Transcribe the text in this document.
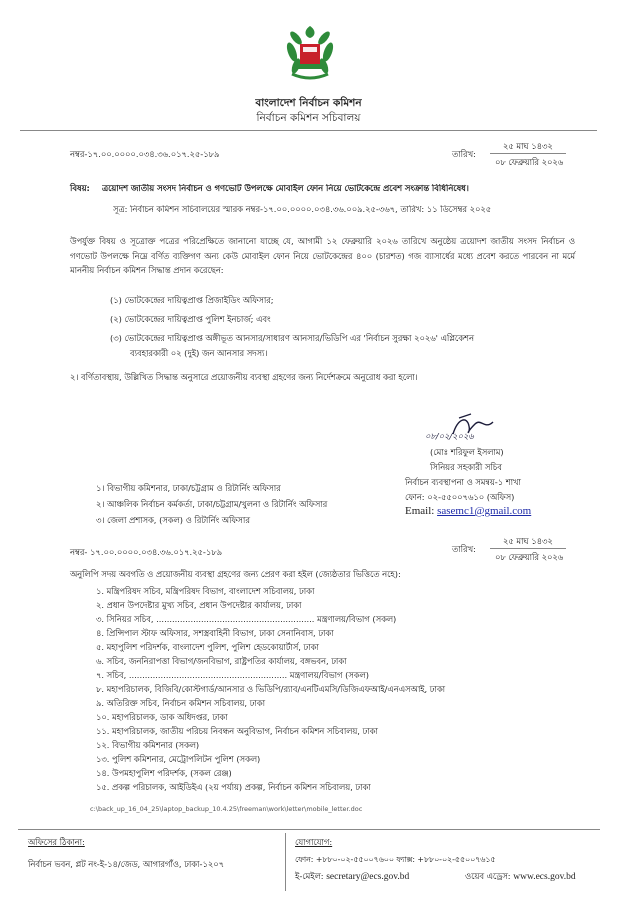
বাংলাদেশ নির্বাচন কমিশন
নির্বাচন কমিশন সচিবালয়
নম্বর-১৭.০০.০০০০.০৩৪.৩৬.০১৭.২৫-১৮৯	তারিখ:
২৫ মাঘ ১৪৩২
০৮ ফেব্রুয়ারি ২০২৬
বিষয়: ত্রয়োদশ জাতীয় সংসদ নির্বাচন ও গণভোট উপলক্ষে মোবাইল ফোন নিয়ে ভোটকেন্দ্রে প্রবেশ সংক্রান্ত বিধিনিষেধ।
সূত্র: নির্বাচন কমিশন সচিবালয়ের স্মারক নম্বর-১৭.০০.০০০০.০৩৪.৩৬.০০৯.২৫-৩৬৭, তারিখ: ১১ ডিসেম্বর ২০২৫
উপর্যুক্ত বিষয় ও সূত্রোক্ত পত্রের পরিপ্রেক্ষিতে জানানো যাচ্ছে যে, আগামী ১২ ফেব্রুয়ারি ২০২৬ তারিখে অনুষ্ঠেয় ত্রয়োদশ জাতীয় সংসদ নির্বাচন ও গণভোট উপলক্ষে নিম্নে বর্ণিত ব্যক্তিগণ অন্য কেউ মোবাইল ফোন নিয়ে ভোটকেন্দ্রের ৪০০ (চারশত) গজ ব্যাসার্ধের মধ্যে প্রবেশ করতে পারবেন না মর্মে মাননীয় নির্বাচন কমিশন সিদ্ধান্ত প্রদান করেছেন:
(১) ভোটকেন্দ্রের দায়িত্বপ্রাপ্ত প্রিজাইডিং অফিসার;
(২) ভোটকেন্দ্রের দায়িত্বপ্রাপ্ত পুলিশ ইনচার্জ; এবং
(৩) ভোটকেন্দ্রের দায়িত্বপ্রাপ্ত অঙ্গীভূত আনসার/সাধারণ আনসার/ভিডিপি এর 'নির্বাচন সুরক্ষা ২০২৬' এপ্লিকেশন
ব্যবহারকারী ০২ (দুই) জন আনসার সদস্য।
২। বর্ণিতাবস্থায়, উল্লিখিত সিদ্ধান্ত অনুসারে প্রয়োজনীয় ব্যবস্থা গ্রহণের জন্য নির্দেশক্রমে অনুরোধ করা হলো।
০৮/০২/২০২৬
(মোঃ শরিফুল ইসলাম)
সিনিয়র সহকারী সচিব
নির্বাচন ব্যবস্থাপনা ও সমন্বয়-১ শাখা
ফোন: ০২-৫৫০০৭৬১০ (অফিস)
Email: sasemc1@gmail.com
১। বিভাগীয় কমিশনার, ঢাকা/চট্টগ্রাম ও রিটার্নিং অফিসার
২। আঞ্চলিক নির্বাচন কর্মকর্তা, ঢাকা/চট্টগ্রাম/খুলনা ও রিটার্নিং অফিসার
৩। জেলা প্রশাসক, (সকল) ও রিটার্নিং অফিসার
নম্বর- ১৭.০০.০০০০.০৩৪.৩৬.০১৭.২৫-১৮৯	তারিখ:
২৫ মাঘ ১৪৩২
০৮ ফেব্রুয়ারি ২০২৬
অনুলিপি সদয় অবগতি ও প্রয়োজনীয় ব্যবস্থা গ্রহণের জন্য প্রেরণ করা হইল (জ্যেষ্ঠতার ভিত্তিতে নহে):
১. মন্ত্রিপরিষদ সচিব, মন্ত্রিপরিষদ বিভাগ, বাংলাদেশ সচিবালয়, ঢাকা
২. প্রধান উপদেষ্টার মুখ্য সচিব, প্রধান উপদেষ্টার কার্যালয়, ঢাকা
৩. সিনিয়র সচিব, ............................................................ মন্ত্রণালয়/বিভাগ (সকল)
৪. প্রিন্সিপাল স্টাফ অফিসার, সশস্ত্রবাহিনী বিভাগ, ঢাকা সেনানিবাস, ঢাকা
৫. মহাপুলিশ পরিদর্শক, বাংলাদেশ পুলিশ, পুলিশ হেডকোয়ার্টার্স, ঢাকা
৬. সচিব, জননিরাপত্তা বিভাগ/জনবিভাগ, রাষ্ট্রপতির কার্যালয়, বঙ্গভবন, ঢাকা
৭. সচিব, ............................................................ মন্ত্রণালয়/বিভাগ (সকল)
৮. মহাপরিচালক, বিজিবি/কোস্টগার্ড/আনসার ও ভিডিপি/র‍্যাব/এনটিএমসি/ডিজিএফআই/এনএসআই, ঢাকা
৯. অতিরিক্ত সচিব, নির্বাচন কমিশন সচিবালয়, ঢাকা
১০. মহাপরিচালক, ডাক অধিদপ্তর, ঢাকা
১১. মহাপরিচালক, জাতীয় পরিচয় নিবন্ধন অনুবিভাগ, নির্বাচন কমিশন সচিবালয়, ঢাকা
১২. বিভাগীয় কমিশনার (সকল)
১৩. পুলিশ কমিশনার, মেট্রোপলিটন পুলিশ (সকল)
১৪. উপমহাপুলিশ পরিদর্শক, (সকল রেঞ্জ)
১৫. প্রকল্প পরিচালক, আইডিইএ (২য় পর্যায়) প্রকল্প, নির্বাচন কমিশন সচিবালয়, ঢাকা
c:\back_up_16_04_25\laptop_backup_10.4.25\freeman\work\letter\mobile_letter.doc
অফিসের ঠিকানা:
নির্বাচন ভবন, প্লট নং-ই-১৪/জেড, আগারগাঁও, ঢাকা-১২০৭
যোগাযোগ:
ফোন: +৮৮০-০২-৫৫০০৭৬০০ ফ্যাক্স: +৮৮০-০২-৫৫০০৭৬১৫
ই-মেইল: secretary@ecs.gov.bd	ওয়েব এড্রেস: www.ecs.gov.bd
